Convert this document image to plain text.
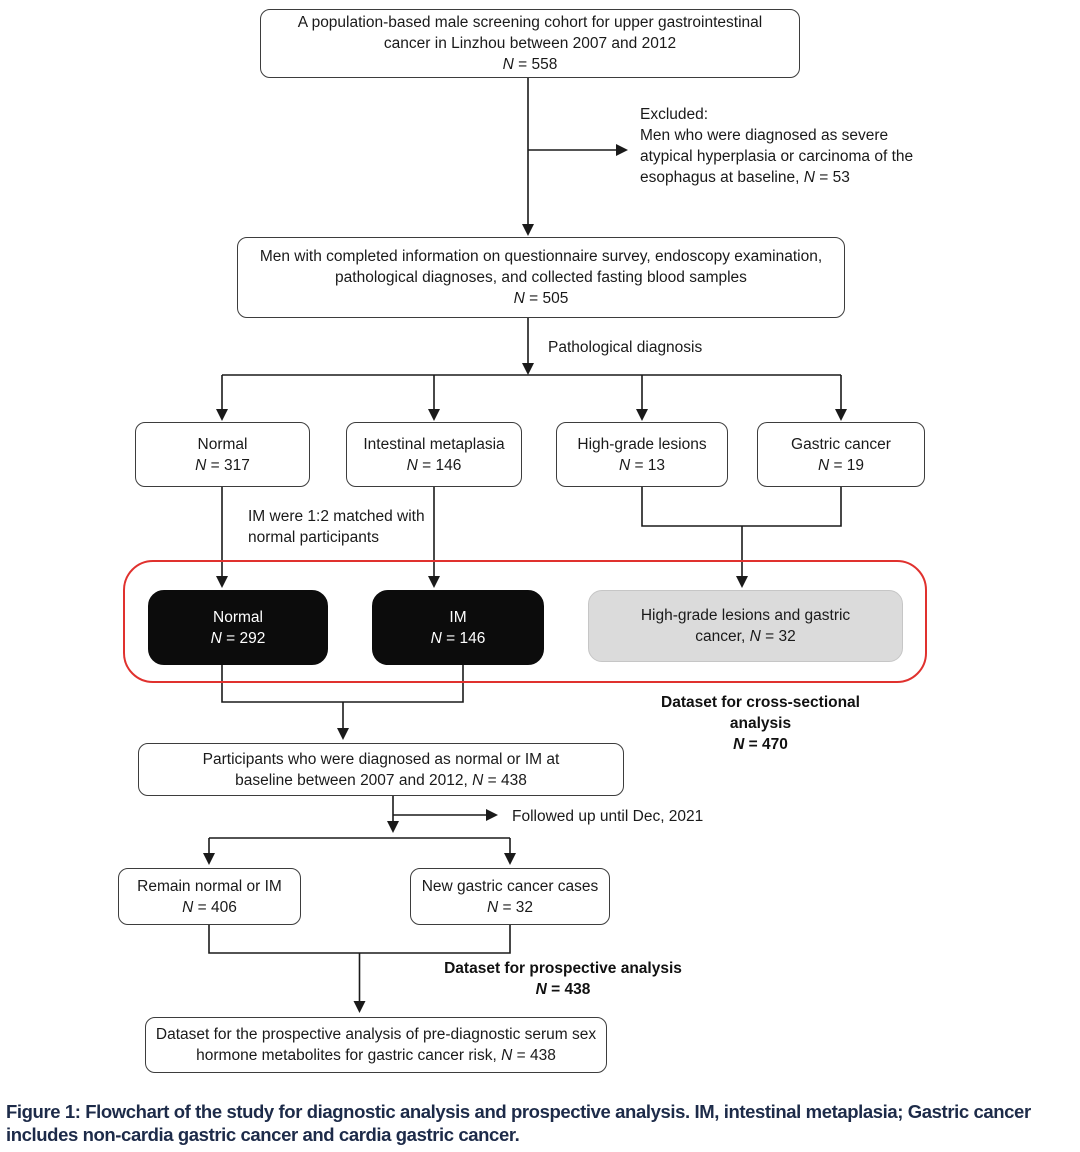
A population-based male screening cohort for upper gastrointestinal cancer in Linzhou between 2007 and 2012
N = 558
Excluded:
Men who were diagnosed as severe atypical hyperplasia or carcinoma of the esophagus at baseline, N = 53
Men with completed information on questionnaire survey, endoscopy examination, pathological diagnoses, and collected fasting blood samples
N = 505
Pathological diagnosis
Normal
N = 317
Intestinal metaplasia
N = 146
High-grade lesions
N = 13
Gastric cancer
N = 19
IM were 1:2 matched with normal participants
Normal
N = 292
IM
N = 146
High-grade lesions and gastric cancer, N = 32
Dataset for cross-sectional analysis
N = 470
Participants who were diagnosed as normal or IM at baseline between 2007 and 2012, N = 438
Followed up until Dec, 2021
Remain normal or IM
N = 406
New gastric cancer cases
N = 32
Dataset for prospective analysis
N = 438
Dataset for the prospective analysis of pre-diagnostic serum sex hormone metabolites for gastric cancer risk, N = 438
Figure 1: Flowchart of the study for diagnostic analysis and prospective analysis. IM, intestinal metaplasia; Gastric cancer includes non-cardia gastric cancer and cardia gastric cancer.
